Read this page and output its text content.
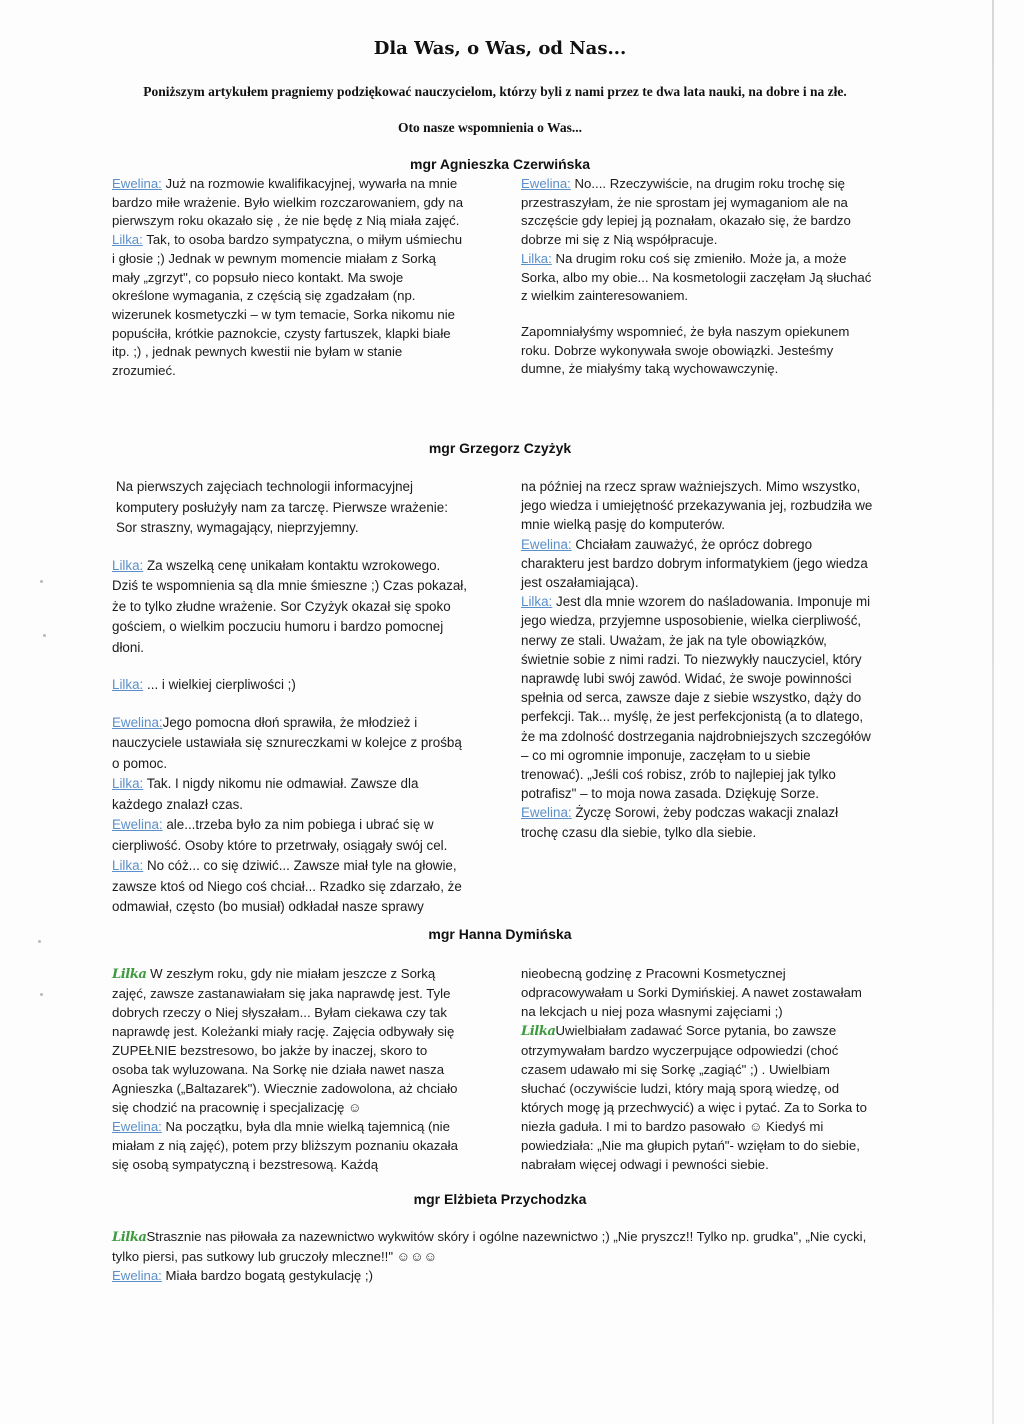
Dla Was, o Was, od Nas...
Poniższym artykułem pragniemy podziękować nauczycielom, którzy byli z nami przez te dwa lata nauki, na dobre i na złe.
Oto nasze wspomnienia o Was...
mgr Agnieszka Czerwińska

Ewelina: Już na rozmowie kwalifikacyjnej, wywarła na mnie bardzo miłe wrażenie. Było wielkim rozczarowaniem, gdy na pierwszym roku okazało się , że nie będę z Nią miała zajęć.

Lilka: Tak, to osoba bardzo sympatyczna, o miłym uśmiechu i głosie ;) Jednak w pewnym momencie miałam z Sorką mały „zgrzyt", co popsuło nieco kontakt. Ma swoje określone wymagania, z częścią się zgadzałam (np. wizerunek kosmetyczki – w tym temacie, Sorka nikomu nie popuściła, krótkie paznokcie, czysty fartuszek, klapki białe itp. ;) , jednak pewnych kwestii nie byłam w stanie zrozumieć.

Ewelina: No.... Rzeczywiście, na drugim roku trochę się przestraszyłam, że nie sprostam jej wymaganiom ale na szczęście gdy lepiej ją poznałam, okazało się, że bardzo dobrze mi się z Nią współpracuje.

Lilka: Na drugim roku coś się zmieniło. Może ja, a może Sorka, albo my obie... Na kosmetologii zaczęłam Ją słuchać z wielkim zainteresowaniem.

Zapomniałyśmy wspomnieć, że była naszym opiekunem roku. Dobrze wykonywała swoje obowiązki. Jesteśmy dumne, że miałyśmy taką wychowawczynię.

mgr Grzegorz Czyżyk

Na pierwszych zajęciach technologii informacyjnej komputery posłużyły nam za tarczę. Pierwsze wrażenie: Sor straszny, wymagający, nieprzyjemny.

Lilka: Za wszelką cenę unikałam kontaktu wzrokowego. Dziś te wspomnienia są dla mnie śmieszne ;) Czas pokazał, że to tylko złudne wrażenie. Sor Czyżyk okazał się spoko gościem, o wielkim poczuciu humoru i bardzo pomocnej dłoni.

Lilka: ... i wielkiej cierpliwości ;)

Ewelina:Jego pomocna dłoń sprawiła, że młodzież i nauczyciele ustawiała się sznureczkami w kolejce z prośbą o pomoc.

Lilka: Tak. I nigdy nikomu nie odmawiał. Zawsze dla każdego znalazł czas.

Ewelina: ale...trzeba było za nim pobiega i ubrać się w cierpliwość. Osoby które to przetrwały, osiągały swój cel.

Lilka: No cóż... co się dziwić... Zawsze miał tyle na głowie, zawsze ktoś od Niego coś chciał... Rzadko się zdarzało, że odmawiał, często (bo musiał) odkładał nasze sprawy

na później na rzecz spraw ważniejszych. Mimo wszystko, jego wiedza i umiejętność przekazywania jej, rozbudziła we mnie wielką pasję do komputerów.

Ewelina: Chciałam zauważyć, że oprócz dobrego charakteru jest bardzo dobrym informatykiem (jego wiedza jest oszałamiająca).

Lilka: Jest dla mnie wzorem do naśladowania. Imponuje mi jego wiedza, przyjemne usposobienie, wielka cierpliwość, nerwy ze stali. Uważam, że jak na tyle obowiązków, świetnie sobie z nimi radzi. To niezwykły nauczyciel, który naprawdę lubi swój zawód. Widać, że swoje powinności spełnia od serca, zawsze daje z siebie wszystko, dąży do perfekcji. Tak... myślę, że jest perfekcjonistą (a to dlatego, że ma zdolność dostrzegania najdrobniejszych szczegółów – co mi ogromnie imponuje, zaczęłam to u siebie trenować). „Jeśli coś robisz, zrób to najlepiej jak tylko potrafisz" – to moja nowa zasada. Dziękuję Sorze.

Ewelina: Życzę Sorowi, żeby podczas wakacji znalazł trochę czasu dla siebie, tylko dla siebie.

mgr Hanna Dymińska

Lilka W zeszłym roku, gdy nie miałam jeszcze z Sorką zajęć, zawsze zastanawiałam się jaka naprawdę jest. Tyle dobrych rzeczy o Niej słyszałam... Byłam ciekawa czy tak naprawdę jest. Koleżanki miały rację. Zajęcia odbywały się ZUPEŁNIE bezstresowo, bo jakże by inaczej, skoro to osoba tak wyluzowana. Na Sorkę nie działa nawet nasza Agnieszka („Baltazarek"). Wiecznie zadowolona, aż chciało się chodzić na pracownię i specjalizację ☺

Ewelina: Na początku, była dla mnie wielką tajemnicą (nie miałam z nią zajęć), potem przy bliższym poznaniu okazała się osobą sympatyczną i bezstresową. Każdą

nieobecną godzinę z Pracowni Kosmetycznej odpracowywałam u Sorki Dymińskiej. A nawet zostawałam na lekcjach u niej poza własnymi zajęciami ;)

LilkaUwielbiałam zadawać Sorce pytania, bo zawsze otrzymywałam bardzo wyczerpujące odpowiedzi (choć czasem udawało mi się Sorkę „zagiąć" ;) . Uwielbiam słuchać (oczywiście ludzi, który mają sporą wiedzę, od których mogę ją przechwycić) a więc i pytać. Za to Sorka to niezła gaduła. I mi to bardzo pasowało ☺ Kiedyś mi powiedziała: „Nie ma głupich pytań"- wzięłam to do siebie, nabrałam więcej odwagi i pewności siebie.

mgr Elżbieta Przychodzka

LilkaStrasznie nas piłowała za nazewnictwo wykwitów skóry i ogólne nazewnictwo ;) „Nie pryszcz!! Tylko np. grudka", „Nie cycki, tylko piersi, pas sutkowy lub gruczoły mleczne!!" ☺☺☺

Ewelina: Miała bardzo bogatą gestykulację ;)
